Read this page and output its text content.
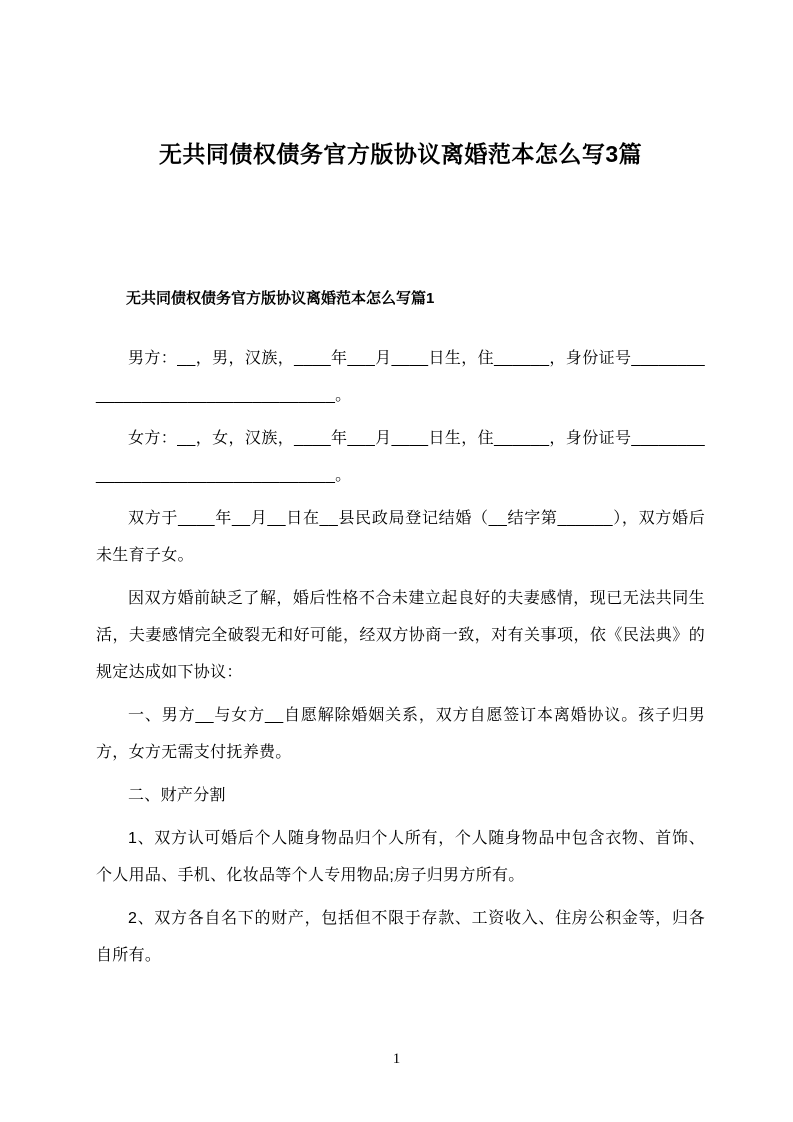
无共同债权债务官方版协议离婚范本怎么写3篇
无共同债权债务官方版协议离婚范本怎么写篇1

男方：__，男，汉族，____年___月____日生，住______，身份证号__________________________________。

女方：__，女，汉族，____年___月____日生，住______，身份证号__________________________________。

双方于____年__月__日在__县民政局登记结婚（__结字第______），双方婚后未生育子女。

因双方婚前缺乏了解，婚后性格不合未建立起良好的夫妻感情，现已无法共同生活，夫妻感情完全破裂无和好可能，经双方协商一致，对有关事项，依《民法典》的规定达成如下协议：

一、男方__与女方__自愿解除婚姻关系，双方自愿签订本离婚协议。孩子归男方，女方无需支付抚养费。

二、财产分割

1、双方认可婚后个人随身物品归个人所有，个人随身物品中包含衣物、首饰、个人用品、手机、化妆品等个人专用物品;房子归男方所有。

2、双方各自名下的财产，包括但不限于存款、工资收入、住房公积金等，归各自所有。

1
